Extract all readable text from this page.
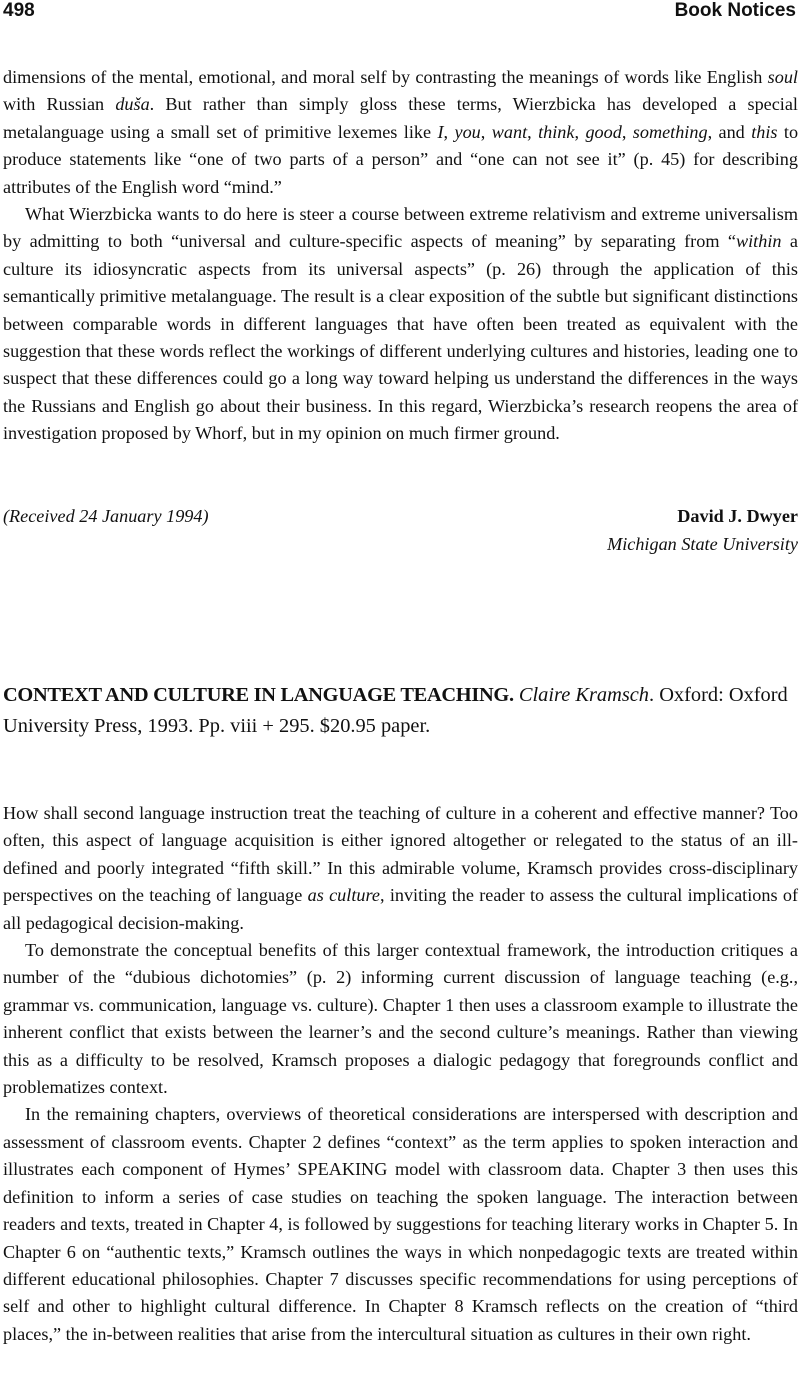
498	Book Notices

dimensions of the mental, emotional, and moral self by contrasting the meanings of words like English soul with Russian dušа. But rather than simply gloss these terms, Wierzbicka has developed a special metalanguage using a small set of primitive lexemes like I, you, want, think, good, something, and this to produce statements like “one of two parts of a person” and “one can not see it” (p. 45) for describing attributes of the English word “mind.”

What Wierzbicka wants to do here is steer a course between extreme relativism and extreme universalism by admitting to both “universal and culture-specific aspects of meaning” by separating from “within a culture its idiosyncratic aspects from its universal aspects” (p. 26) through the application of this semantically primitive metalanguage. The result is a clear exposition of the subtle but significant distinctions between comparable words in different languages that have often been treated as equivalent with the suggestion that these words reflect the workings of different underlying cultures and histories, leading one to suspect that these differences could go a long way toward helping us understand the differences in the ways the Russians and English go about their business. In this regard, Wierzbicka’s research reopens the area of investigation proposed by Whorf, but in my opinion on much firmer ground.

(Received 24 January 1994)	David J. Dwyer
Michigan State University
CONTEXT AND CULTURE IN LANGUAGE TEACHING. Claire Kramsch. Oxford: Oxford University Press, 1993. Pp. viii + 295. $20.95 paper.

How shall second language instruction treat the teaching of culture in a coherent and effective manner? Too often, this aspect of language acquisition is either ignored altogether or relegated to the status of an ill-defined and poorly integrated “fifth skill.” In this admirable volume, Kramsch provides cross-disciplinary perspectives on the teaching of language as culture, inviting the reader to assess the cultural implications of all pedagogical decision-making.

To demonstrate the conceptual benefits of this larger contextual framework, the introduction critiques a number of the “dubious dichotomies” (p. 2) informing current discussion of language teaching (e.g., grammar vs. communication, language vs. culture). Chapter 1 then uses a classroom example to illustrate the inherent conflict that exists between the learner’s and the second culture’s meanings. Rather than viewing this as a difficulty to be resolved, Kramsch proposes a dialogic pedagogy that foregrounds conflict and problematizes context.

In the remaining chapters, overviews of theoretical considerations are interspersed with description and assessment of classroom events. Chapter 2 defines “context” as the term applies to spoken interaction and illustrates each component of Hymes’ SPEAKING model with classroom data. Chapter 3 then uses this definition to inform a series of case studies on teaching the spoken language. The interaction between readers and texts, treated in Chapter 4, is followed by suggestions for teaching literary works in Chapter 5. In Chapter 6 on “authentic texts,” Kramsch outlines the ways in which nonpedagogic texts are treated within different educational philosophies. Chapter 7 discusses specific recommendations for using perceptions of self and other to highlight cultural difference. In Chapter 8 Kramsch reflects on the creation of “third places,” the in-between realities that arise from the intercultural situation as cultures in their own right.
